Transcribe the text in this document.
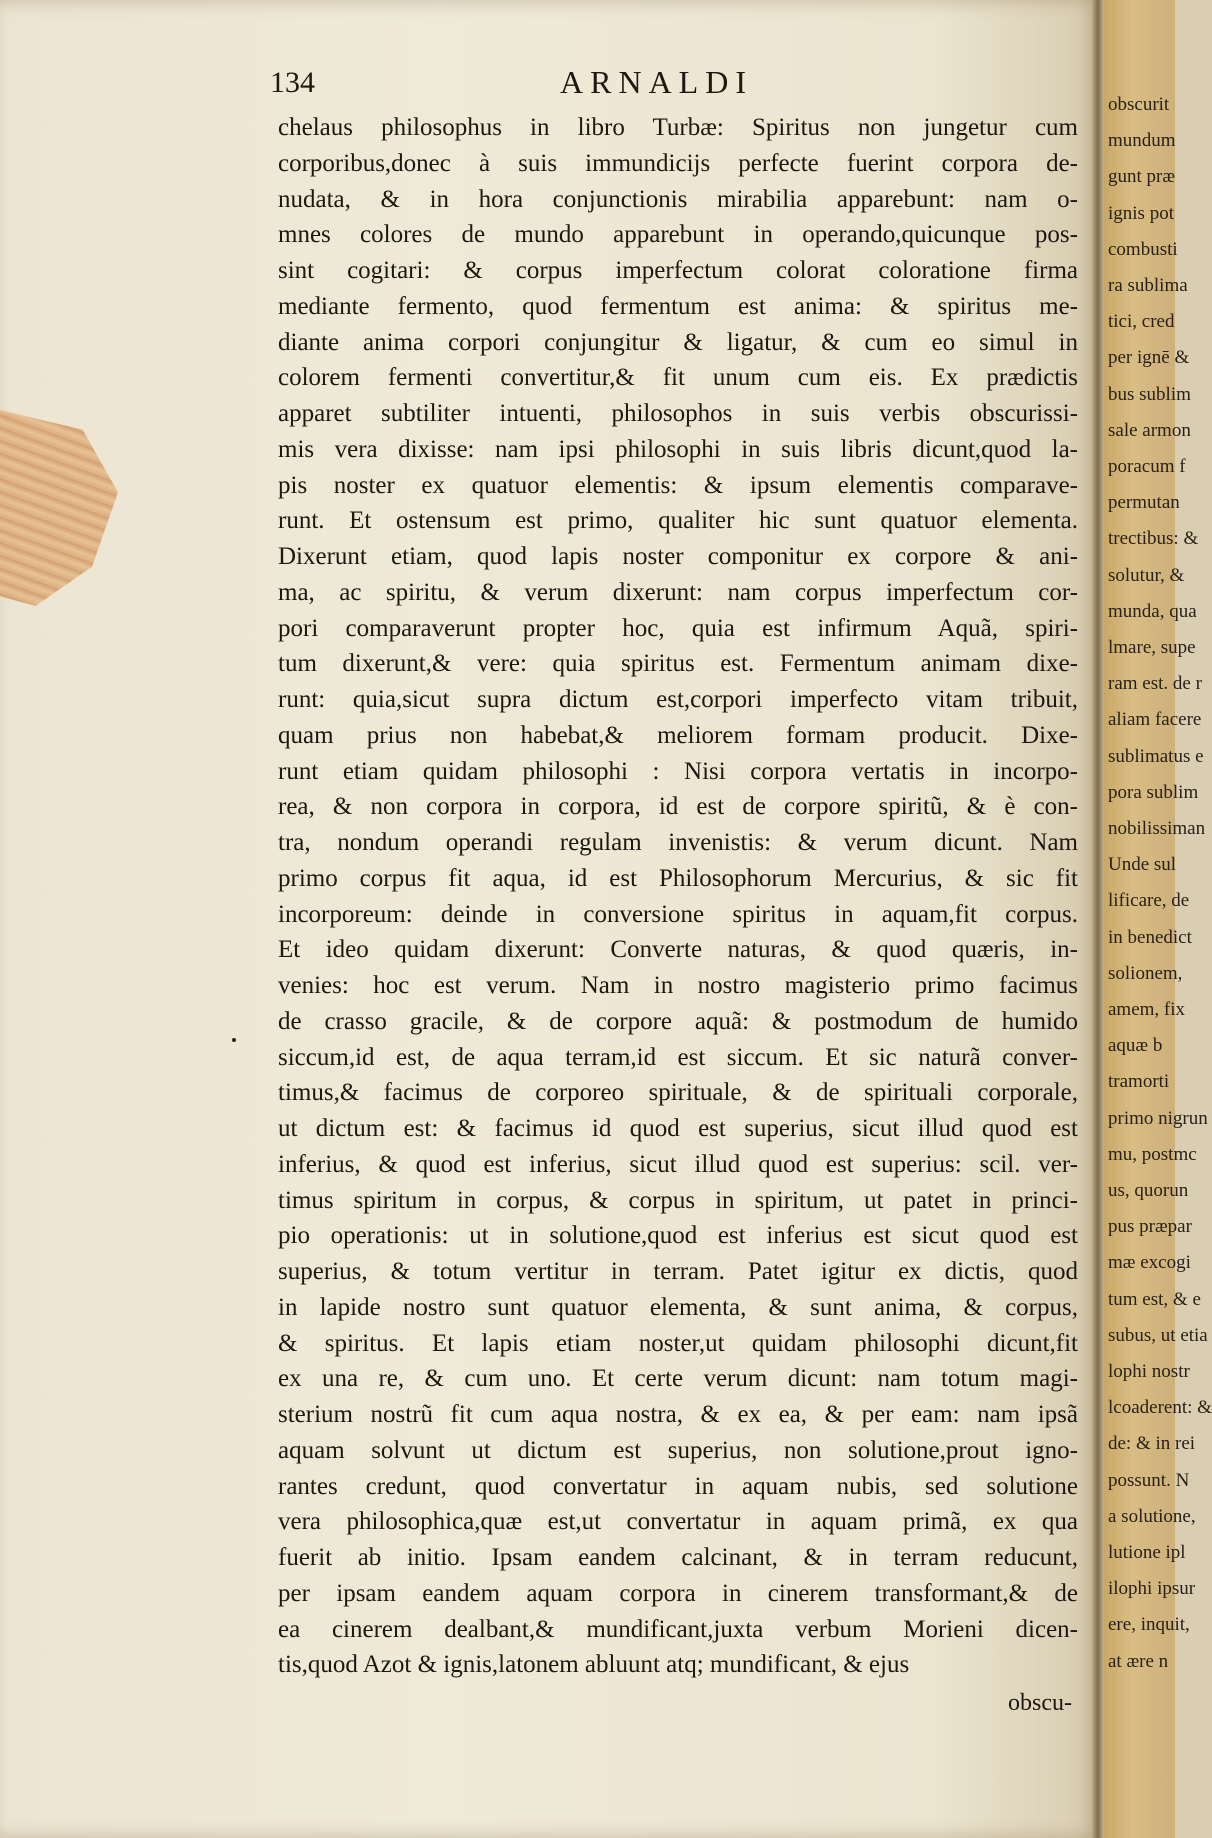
134	ARNALDI
chelaus philosophus in libro Turbæ: Spiritus non jungetur cum
corporibus,donec à suis immundicijs perfecte fuerint corpora de-
nudata, & in hora conjunctionis mirabilia apparebunt: nam o-
mnes colores de mundo apparebunt in operando,quicunque pos-
sint cogitari: & corpus imperfectum colorat coloratione firma
mediante fermento, quod fermentum est anima: & spiritus me-
diante anima corpori conjungitur & ligatur, & cum eo simul in
colorem fermenti convertitur,& fit unum cum eis. Ex prædictis
apparet subtiliter intuenti, philosophos in suis verbis obscurissi-
mis vera dixisse: nam ipsi philosophi in suis libris dicunt,quod la-
pis noster ex quatuor elementis: & ipsum elementis comparave-
runt. Et ostensum est primo, qualiter hic sunt quatuor elementa.
Dixerunt etiam, quod lapis noster componitur ex corpore & ani-
ma, ac spiritu, & verum dixerunt: nam corpus imperfectum cor-
pori comparaverunt propter hoc, quia est infirmum Aquã, spiri-
tum dixerunt,& vere: quia spiritus est. Fermentum animam dixe-
runt: quia,sicut supra dictum est,corpori imperfecto vitam tribuit,
quam prius non habebat,& meliorem formam producit. Dixe-
runt etiam quidam philosophi : Nisi corpora vertatis in incorpo-
rea, & non corpora in corpora, id est de corpore spiritũ, & è con-
tra, nondum operandi regulam invenistis: & verum dicunt. Nam
primo corpus fit aqua, id est Philosophorum Mercurius, & sic fit
incorporeum: deinde in conversione spiritus in aquam,fit corpus.
Et ideo quidam dixerunt: Converte naturas, & quod quæris, in-
venies: hoc est verum. Nam in nostro magisterio primo facimus
de crasso gracile, & de corpore aquã: & postmodum de humido
siccum,id est, de aqua terram,id est siccum. Et sic naturã conver-
timus,& facimus de corporeo spirituale, & de spirituali corporale,
ut dictum est: & facimus id quod est superius, sicut illud quod est
inferius, & quod est inferius, sicut illud quod est superius: scil. ver-
timus spiritum in corpus, & corpus in spiritum, ut patet in princi-
pio operationis: ut in solutione,quod est inferius est sicut quod est
superius, & totum vertitur in terram. Patet igitur ex dictis, quod
in lapide nostro sunt quatuor elementa, & sunt anima, & corpus,
& spiritus. Et lapis etiam noster,ut quidam philosophi dicunt,fit
ex una re, & cum uno. Et certe verum dicunt: nam totum magi-
sterium nostrũ fit cum aqua nostra, & ex ea, & per eam: nam ipsã
aquam solvunt ut dictum est superius, non solutione,prout igno-
rantes credunt, quod convertatur in aquam nubis, sed solutione
vera philosophica,quæ est,ut convertatur in aquam primã, ex qua
fuerit ab initio. Ipsam eandem calcinant, & in terram reducunt,
per ipsam eandem aquam corpora in cinerem transformant,& de
ea cinerem dealbant,& mundificant,juxta verbum Morieni dicen-
tis,quod Azot & ignis,latonem abluunt atq; mundificant, & ejus
obscu-
obscurit
mundum
gunt præ
ignis pot
combusti
ra sublima
tici, cred
per ignē &
bus sublim
sale armon
poracum f
permutan
trectibus: &
solutur, &
munda, qua
lmare, supe
ram est. de r
aliam facere
sublimatus e
pora sublim
nobilissiman
Unde sul
lificare, de
in benedict
solionem,
amem, fix
aquæ b
tramorti
primo nigrun
mu, postmc
us, quorun
pus præpar
mæ excogi
tum est, & e
subus, ut etia
lophi nostr
lcoaderent: &
de: & in rei
possunt. N
a solutione,
lutione ipl
ilophi ipsur
ere, inquit,
at ære n
